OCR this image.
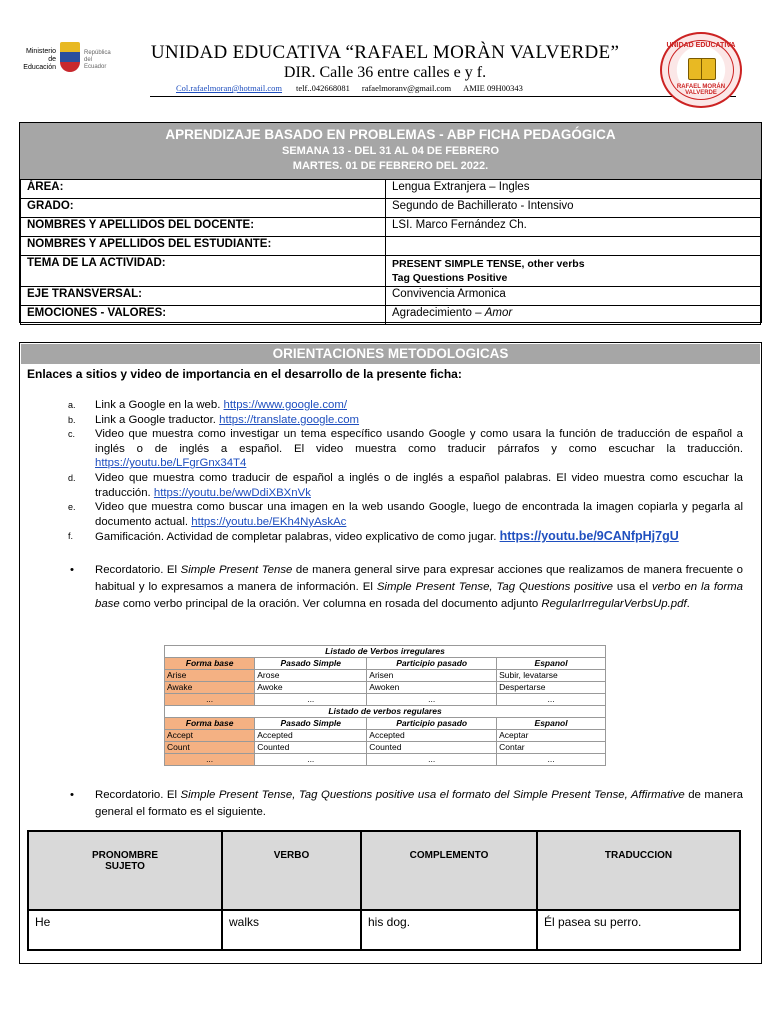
Ministerio de Educación
República del Ecuador
UNIDAD EDUCATIVA “RAFAEL MORÀN VALVERDE”
DIR. Calle 36 entre calles e y f.
Col.rafaelmoran@hotmail.com telf..042668081 rafaelmoranv@gmail.com AMIE 09H00343
UNIDAD EDUCATIVA
RAFAEL MORÁN VALVERDE
APRENDIZAJE BASADO EN PROBLEMAS - ABP FICHA PEDAGÓGICA
SEMANA 13 - DEL 31 AL 04 DE FEBRERO
MARTES. 01 DE FEBRERO DEL 2022.
ÁREA:	Lengua Extranjera – Ingles
GRADO:	Segundo de Bachillerato - Intensivo
NOMBRES Y APELLIDOS DEL DOCENTE:	LSI. Marco Fernández Ch.
NOMBRES Y APELLIDOS DEL ESTUDIANTE:	
TEMA DE LA ACTIVIDAD:	PRESENT SIMPLE TENSE, other verbs
Tag Questions Positive

EJE TRANSVERSAL:	Convivencia Armonica
EMOCIONES - VALORES:	Agradecimiento – Amor
ORIENTACIONES METODOLOGICAS
Enlaces a sitios y video de importancia en el desarrollo de la presente ficha:
a. Link a Google en la web. https://www.google.com/
b. Link a Google traductor. https://translate.google.com
c. Video que muestra como investigar un tema específico usando Google y como usara la función de traducción de español a inglés o de inglés a español. El video muestra como traducir párrafos y como escuchar la traducción. https://youtu.be/LFgrGnx34T4
d. Video que muestra como traducir de español a inglés o de inglés a español palabras. El video muestra como escuchar la traducción. https://youtu.be/wwDdiXBXnVk
e. Video que muestra como buscar una imagen en la web usando Google, luego de encontrada la imagen copiarla y pegarla al documento actual. https://youtu.be/EKh4NyAskAc
f. Gamificación. Actividad de completar palabras, video explicativo de como jugar. https://youtu.be/9CANfpHj7gU
•	Recordatorio. El Simple Present Tense de manera general sirve para expresar acciones que realizamos de manera frecuente o habitual y lo expresamos a manera de información. El Simple Present Tense, Tag Questions positive usa el verbo en la forma base como verbo principal de la oración. Ver columna en rosada del documento adjunto RegularIrregularVerbsUp.pdf.
Listado de Verbos irregulares			
Forma base	Pasado Simple	Participio pasado	Espanol
Arise	Arose	Arisen	Subir, levatarse
Awake	Awoke	Awoken	Despertarse
...	...	...	...
Listado de verbos regulares			
Forma base	Pasado Simple	Participio pasado	Espanol
Accept	Accepted	Accepted	Aceptar
Count	Counted	Counted	Contar
...	...	...	...
•	Recordatorio. El Simple Present Tense, Tag Questions positive usa el formato del Simple Present Tense, Affirmative de manera general el formato es el siguiente.
PRONOMBRE
SUJETO	VERBO	COMPLEMENTO	TRADUCCION
He	walks	his dog.	Él pasea su perro.
